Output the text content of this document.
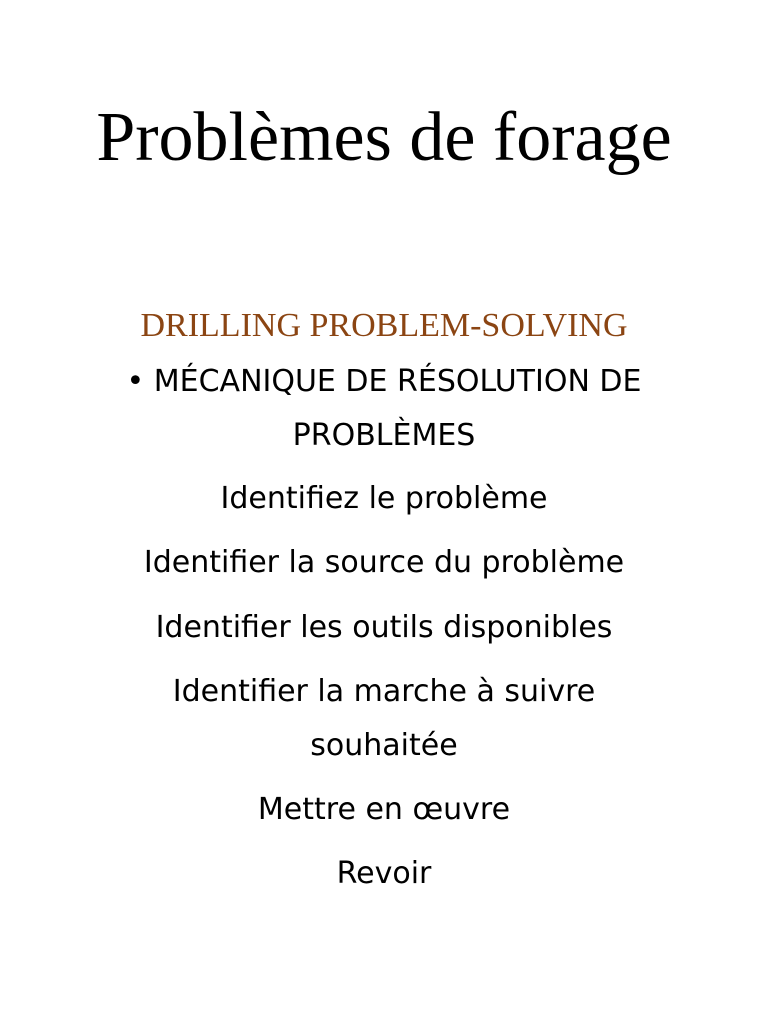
Problèmes de forage
DRILLING PROBLEM-SOLVING
• MÉCANIQUE DE RÉSOLUTION DE
PROBLÈMES
Identifiez le problème
Identifier la source du problème
Identifier les outils disponibles
Identifier la marche à suivre
souhaitée
Mettre en œuvre
Revoir
